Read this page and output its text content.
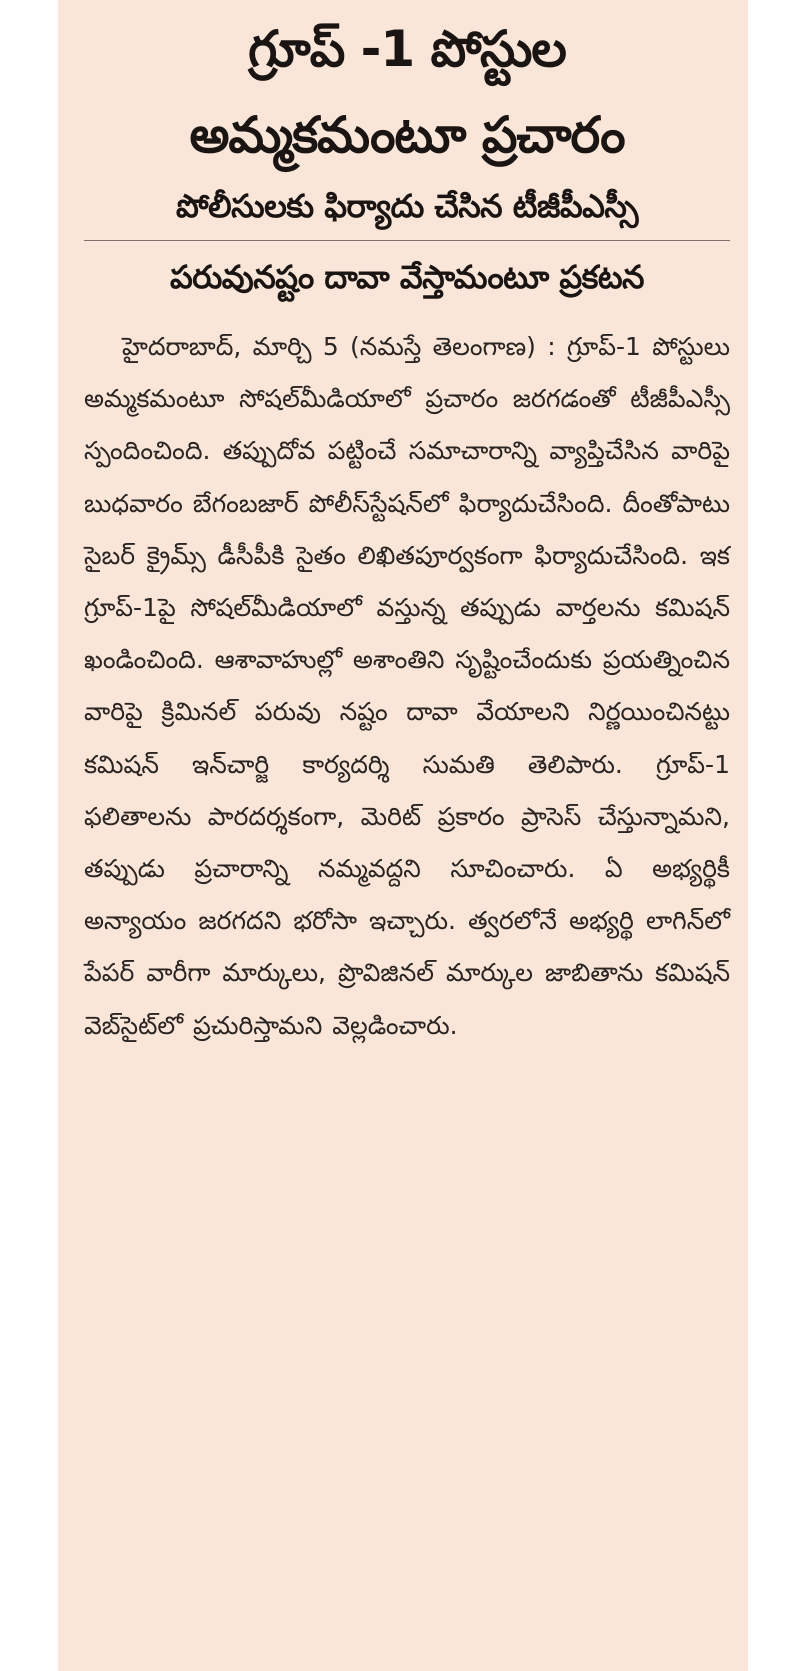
గ్రూప్ -1 పోస్టుల
అమ్మకమంటూ ప్రచారం
పోలీసులకు ఫిర్యాదు చేసిన టీజీపీఎస్సీ
పరువునష్టం దావా వేస్తామంటూ ప్రకటన

హైదరాబాద్, మార్చి 5 (నమస్తే తెలంగాణ) : గ్రూప్-1 పోస్టులు అమ్మకమంటూ సోషల్‌మీడియాలో ప్రచారం జరగడంతో టీజీపీఎస్సీ స్పందించింది. తప్పుదోవ పట్టించే సమాచారాన్ని వ్యాప్తిచేసిన వారిపై బుధవారం బేగంబజార్ పోలీస్‌స్టేషన్‌లో ఫిర్యాదుచేసింది. దీంతోపాటు సైబర్ క్రైమ్స్ డీసీపీకి సైతం లిఖితపూర్వకంగా ఫిర్యాదుచేసింది. ఇక గ్రూప్-1పై సోషల్‌మీడియాలో వస్తున్న తప్పుడు వార్తలను కమిషన్ ఖండించింది. ఆశావాహుల్లో అశాంతిని సృష్టించేందుకు ప్రయత్నించిన వారిపై క్రిమినల్ పరువు నష్టం దావా వేయాలని నిర్ణయించినట్టు కమిషన్ ఇన్‌చార్జి కార్యదర్శి సుమతి తెలిపారు. గ్రూప్-1 ఫలితాలను పారదర్శకంగా, మెరిట్ ప్రకారం ప్రాసెస్ చేస్తున్నామని, తప్పుడు ప్రచారాన్ని నమ్మవద్దని సూచించారు. ఏ అభ్యర్థికీ అన్యాయం జరగదని భరోసా ఇచ్చారు. త్వరలోనే అభ్యర్థి లాగిన్‌లో పేపర్ వారీగా మార్కులు, ప్రొవిజినల్ మార్కుల జాబితాను కమిషన్ వెబ్‌సైట్‌లో ప్రచురిస్తామని వెల్లడించారు.
